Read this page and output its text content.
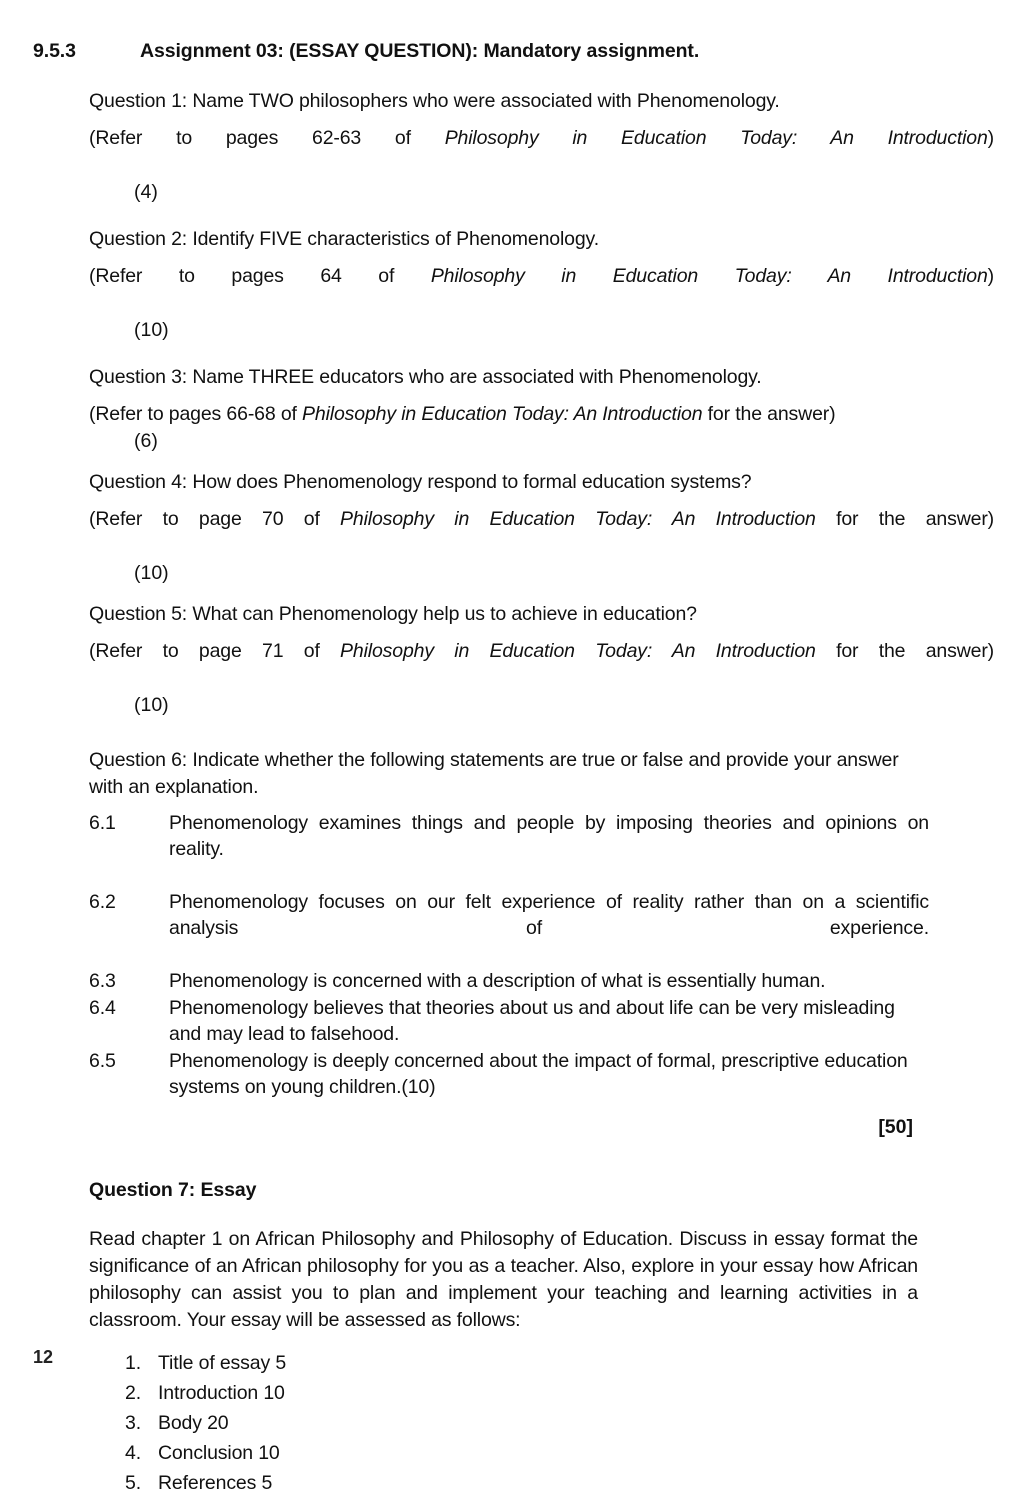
9.5.3	Assignment 03: (ESSAY QUESTION): Mandatory assignment.

Question 1: Name TWO philosophers who were associated with Phenomenology.

(Refer to pages 62-63 of Philosophy in Education Today: An Introduction)

(4)

Question 2: Identify FIVE characteristics of Phenomenology.

(Refer to pages 64 of Philosophy in Education Today: An Introduction)

(10)

Question 3: Name THREE educators who are associated with Phenomenology.

(Refer to pages 66-68 of Philosophy in Education Today: An Introduction for the answer)

(6)

Question 4: How does Phenomenology respond to formal education systems?

(Refer to page 70 of Philosophy in Education Today: An Introduction for the answer)

(10)

Question 5: What can Phenomenology help us to achieve in education?

(Refer to page 71 of Philosophy in Education Today: An Introduction for the answer)

(10)

Question 6: Indicate whether the following statements are true or false and provide your answer with an explanation.

6.1	Phenomenology examines things and people by imposing theories and opinions on reality.
6.2	Phenomenology focuses on our felt experience of reality rather than on a scientific analysis of experience.
6.3	Phenomenology is concerned with a description of what is essentially human.
6.4	Phenomenology believes that theories about us and about life can be very misleading and may lead to falsehood.
6.5	Phenomenology is deeply concerned about the impact of formal, prescriptive education systems on young children.(10)

[50]

Question 7: Essay

Read chapter 1 on African Philosophy and Philosophy of Education. Discuss in essay format the significance of an African philosophy for you as a teacher. Also, explore in your essay how African philosophy can assist you to plan and implement your teaching and learning activities in a classroom. Your essay will be assessed as follows:

1. Title of essay 5
2. Introduction 10
3. Body 20
4. Conclusion 10
5. References 5
12
